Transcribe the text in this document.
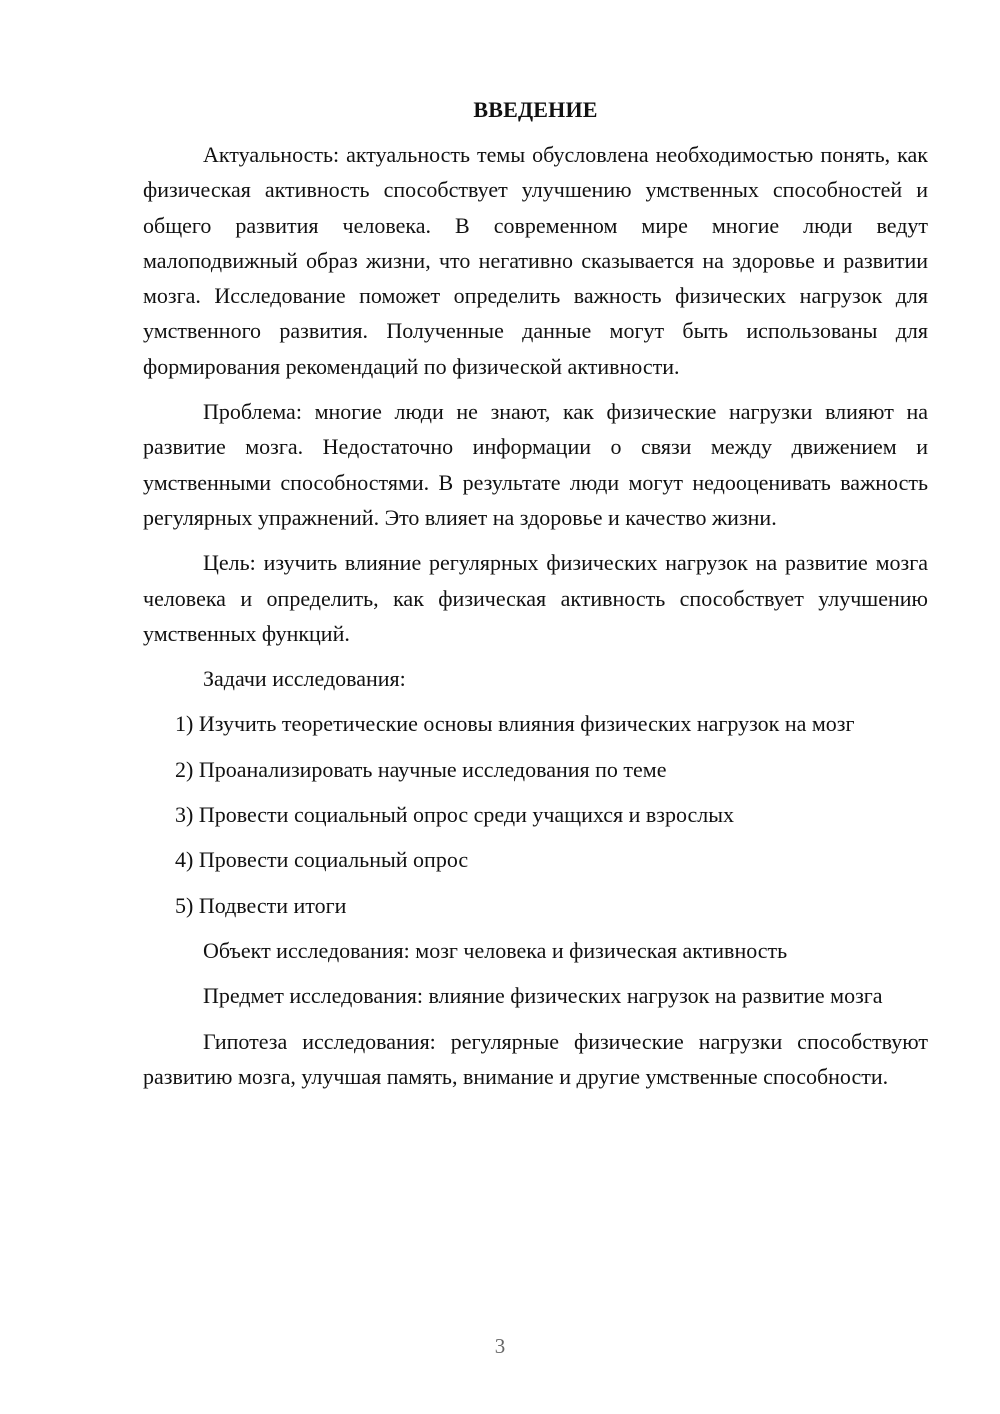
ВВЕДЕНИЕ

Актуальность: актуальность темы обусловлена необходимостью понять, как физическая активность способствует улучшению умственных способностей и общего развития человека. В современном мире многие люди ведут малоподвижный образ жизни, что негативно сказывается на здоровье и развитии мозга. Исследование поможет определить важность физических нагрузок для умственного развития. Полученные данные могут быть использованы для формирования рекомендаций по физической активности.

Проблема: многие люди не знают, как физические нагрузки влияют на развитие мозга. Недостаточно информации о связи между движением и умственными способностями. В результате люди могут недооценивать важность регулярных упражнений. Это влияет на здоровье и качество жизни.

Цель: изучить влияние регулярных физических нагрузок на развитие мозга человека и определить, как физическая активность способствует улучшению умственных функций.

Задачи исследования:

1) Изучить теоретические основы влияния физических нагрузок на мозг
2) Проанализировать научные исследования по теме
3) Провести социальный опрос среди учащихся и взрослых
4) Провести социальный опрос
5) Подвести итоги

Объект исследования: мозг человека и физическая активность

Предмет исследования: влияние физических нагрузок на развитие мозга

Гипотеза исследования: регулярные физические нагрузки способствуют развитию мозга, улучшая память, внимание и другие умственные способности.

3
